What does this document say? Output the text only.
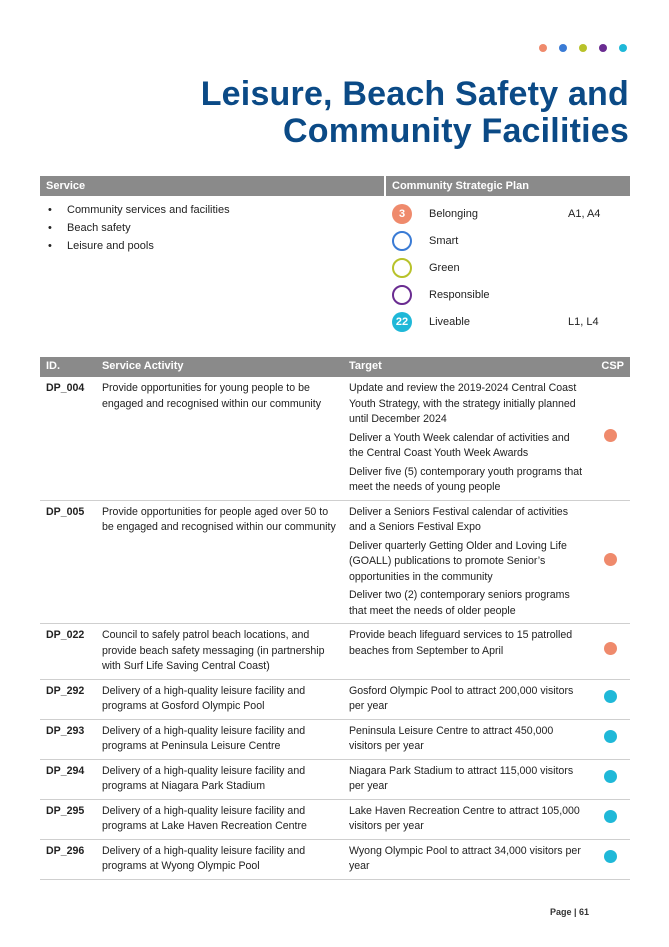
Leisure, Beach Safety and
Community Facilities
Service	Community Strategic Plan
• Community services and facilities
• Beach safety
• Leisure and pools
3	Belonging	A1, A4
Smart
Green
Responsible
22	Liveable	L1, L4
ID.	Service Activity	Target	CSP
DP_004	Provide opportunities for young people to be engaged and recognised within our community	Update and review the 2019-2024 Central Coast Youth Strategy, with the strategy initially planned until December 2024
Deliver a Youth Week calendar of activities and the Central Coast Youth Week Awards
Deliver five (5) contemporary youth programs that meet the needs of young people	

DP_005	Provide opportunities for people aged over 50 to be engaged and recognised within our community	Deliver a Seniors Festival calendar of activities and a Seniors Festival Expo
Deliver quarterly Getting Older and Loving Life (GOALL) publications to promote Senior’s opportunities in the community
Deliver two (2) contemporary seniors programs that meet the needs of older people	

DP_022	Council to safely patrol beach locations, and provide beach safety messaging (in partnership with Surf Life Saving Central Coast)	Provide beach lifeguard services to 15 patrolled beaches from September to April	

DP_292	Delivery of a high-quality leisure facility and programs at Gosford Olympic Pool	Gosford Olympic Pool to attract 200,000 visitors per year	

DP_293	Delivery of a high-quality leisure facility and programs at Peninsula Leisure Centre	Peninsula Leisure Centre to attract 450,000 visitors per year	

DP_294	Delivery of a high-quality leisure facility and programs at Niagara Park Stadium	Niagara Park Stadium to attract 115,000 visitors per year	

DP_295	Delivery of a high-quality leisure facility and programs at Lake Haven Recreation Centre	Lake Haven Recreation Centre to attract 105,000 visitors per year	

DP_296	Delivery of a high-quality leisure facility and programs at Wyong Olympic Pool	Wyong Olympic Pool to attract 34,000 visitors per year	

Page | 61
